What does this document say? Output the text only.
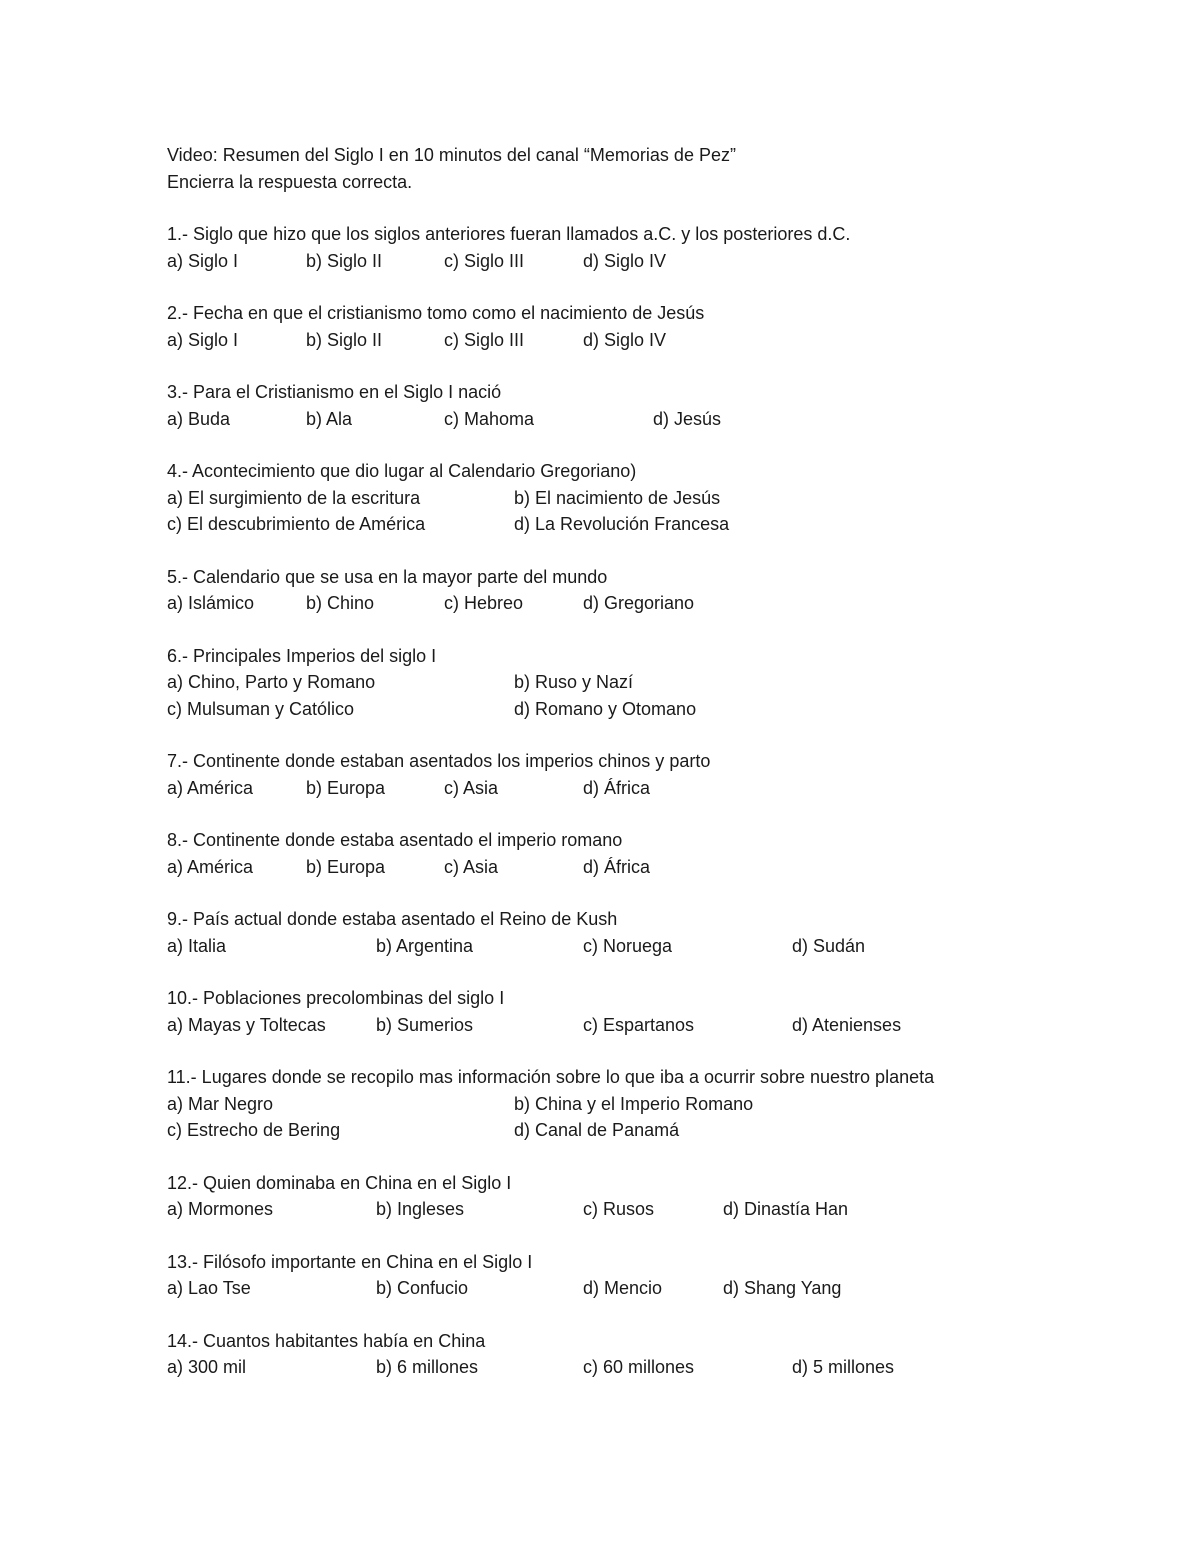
Video: Resumen del Siglo I en 10 minutos del canal “Memorias de Pez”
Encierra la respuesta correcta.
1.- Siglo que hizo que los siglos anteriores fueran llamados a.C. y los posteriores d.C.
a) Siglo I	b) Siglo II	c) Siglo III	d) Siglo IV
2.- Fecha en que el cristianismo tomo como el nacimiento de Jesús
a) Siglo I	b) Siglo II	c) Siglo III	d) Siglo IV
3.- Para el Cristianismo en el Siglo I nació
a) Buda	b) Ala	c) Mahoma	d) Jesús
4.- Acontecimiento que dio lugar al Calendario Gregoriano)
a) El surgimiento de la escritura	b) El nacimiento de Jesús
c) El descubrimiento de América	d) La Revolución Francesa
5.- Calendario que se usa en la mayor parte del mundo
a) Islámico	b) Chino	c) Hebreo	d) Gregoriano
6.- Principales Imperios del siglo I
a) Chino, Parto y Romano	b) Ruso y Nazí
c) Mulsuman y Católico	d) Romano y Otomano
7.- Continente donde estaban asentados los imperios chinos y parto
a) América	b) Europa	c) Asia	d) África
8.- Continente donde estaba asentado el imperio romano
a) América	b) Europa	c) Asia	d) África
9.- País actual donde estaba asentado el Reino de Kush
a) Italia	b) Argentina	c) Noruega	d) Sudán
10.- Poblaciones precolombinas del siglo I
a) Mayas y Toltecas	b) Sumerios	c) Espartanos	d) Atenienses
11.- Lugares donde se recopilo mas información sobre lo que iba a ocurrir sobre nuestro planeta
a) Mar Negro	b) China y el Imperio Romano
c) Estrecho de Bering	d) Canal de Panamá
12.- Quien dominaba en China en el Siglo I
a) Mormones	b) Ingleses	c) Rusos	d) Dinastía Han
13.- Filósofo importante en China en el Siglo I
a) Lao Tse	b) Confucio	d) Mencio	d) Shang Yang
14.- Cuantos habitantes había en China
a) 300 mil	b) 6 millones	c) 60 millones	d) 5 millones
